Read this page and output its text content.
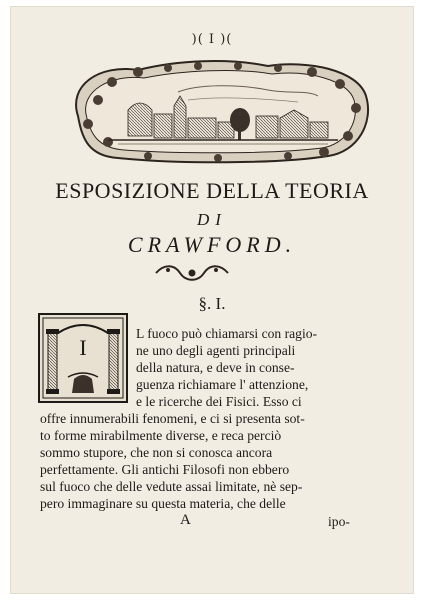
)( I )(
ESPOSIZIONE DELLA TEORIA
DI
CRAWFORD.
§. I.
I
L fuoco può chiamarsi con ragio-
ne uno degli agenti principali
della natura, e deve in conse-
guenza richiamare l' attenzione,
e le ricerche dei Fisici. Esso ci
offre innumerabili fenomeni, e ci si presenta sot-
to forme mirabilmente diverse, e reca perciò
sommo stupore, che non si conosca ancora
perfettamente. Gli antichi Filosofi non ebbero
sul fuoco che delle vedute assai limitate, nè sep-
pero immaginare su questa materia, che delle
A	ipo-
